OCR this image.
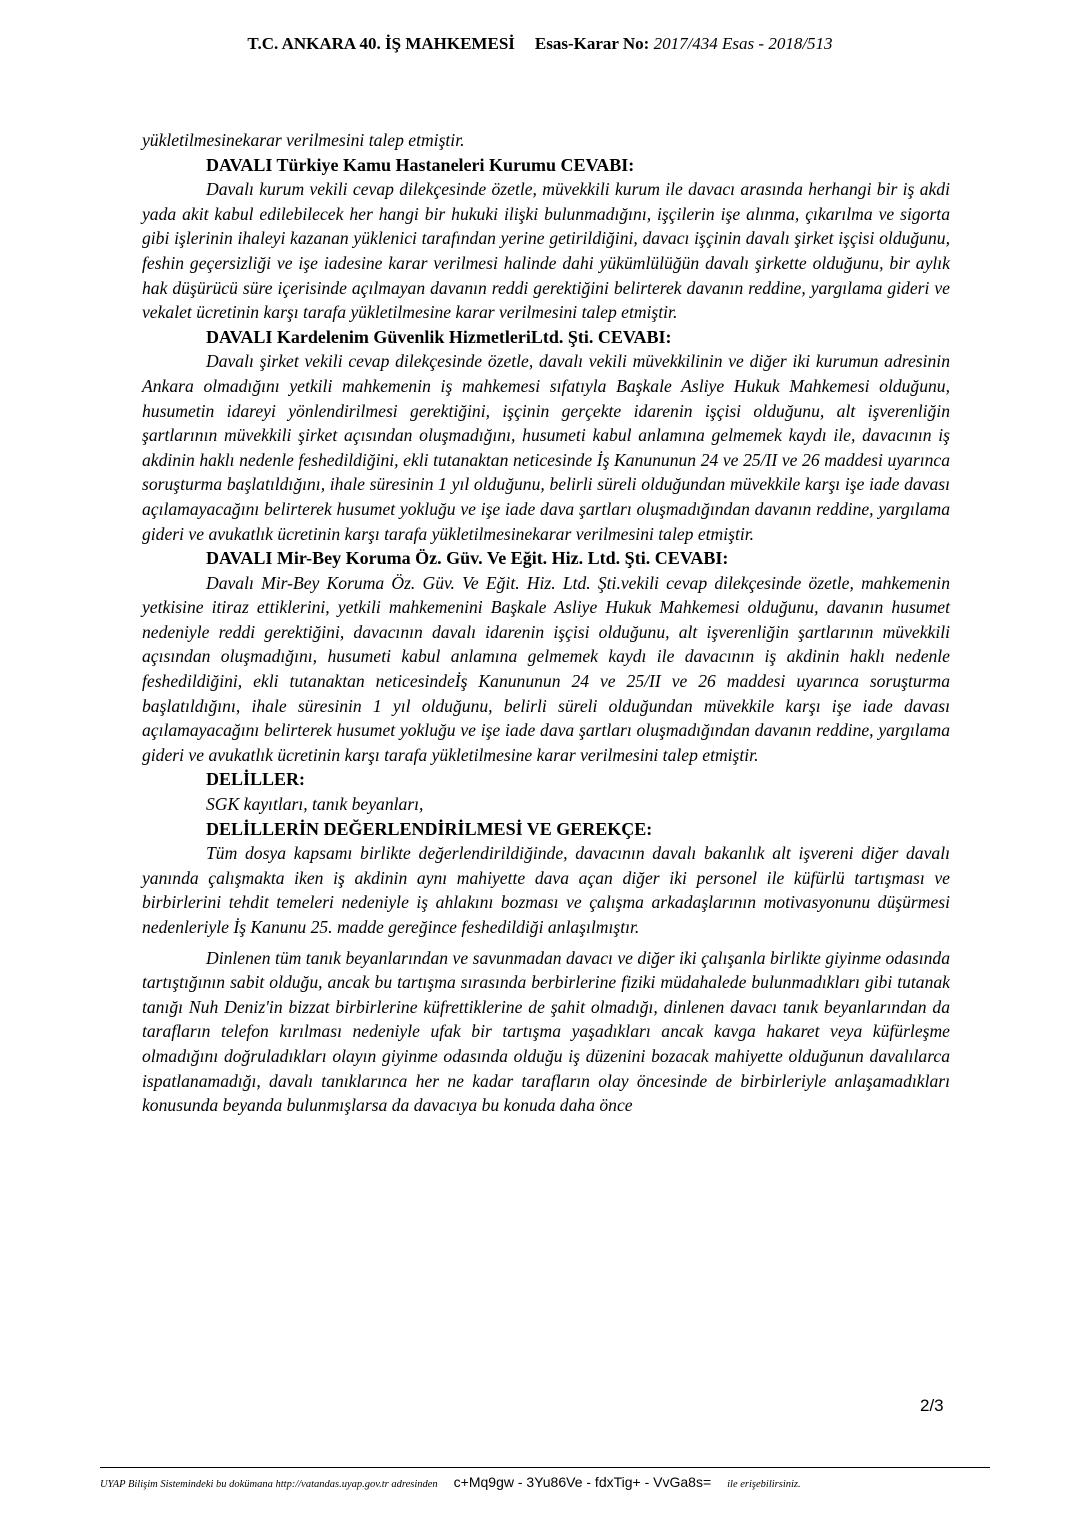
T.C. ANKARA 40. İŞ MAHKEMESİ Esas-Karar No: 2017/434 Esas - 2018/513

yükletilmesinekarar verilmesini talep etmiştir.

DAVALI Türkiye Kamu Hastaneleri Kurumu CEVABI:

Davalı kurum vekili cevap dilekçesinde özetle, müvekkili kurum ile davacı arasında herhangi bir iş akdi yada akit kabul edilebilecek her hangi bir hukuki ilişki bulunmadığını, işçilerin işe alınma, çıkarılma ve sigorta gibi işlerinin ihaleyi kazanan yüklenici tarafından yerine getirildiğini, davacı işçinin davalı şirket işçisi olduğunu, feshin geçersizliği ve işe iadesine karar verilmesi halinde dahi yükümlülüğün davalı şirkette olduğunu, bir aylık hak düşürücü süre içerisinde açılmayan davanın reddi gerektiğini belirterek davanın reddine, yargılama gideri ve vekalet ücretinin karşı tarafa yükletilmesine karar verilmesini talep etmiştir.

DAVALI Kardelenim Güvenlik HizmetleriLtd. Şti. CEVABI:

Davalı şirket vekili cevap dilekçesinde özetle, davalı vekili müvekkilinin ve diğer iki kurumun adresinin Ankara olmadığını yetkili mahkemenin iş mahkemesi sıfatıyla Başkale Asliye Hukuk Mahkemesi olduğunu, husumetin idareyi yönlendirilmesi gerektiğini, işçinin gerçekte idarenin işçisi olduğunu, alt işverenliğin şartlarının müvekkili şirket açısından oluşmadığını, husumeti kabul anlamına gelmemek kaydı ile, davacının iş akdinin haklı nedenle feshedildiğini, ekli tutanaktan neticesinde İş Kanununun 24 ve 25/II ve 26 maddesi uyarınca soruşturma başlatıldığını, ihale süresinin 1 yıl olduğunu, belirli süreli olduğundan müvekkile karşı işe iade davası açılamayacağını belirterek husumet yokluğu ve işe iade dava şartları oluşmadığından davanın reddine, yargılama gideri ve avukatlık ücretinin karşı tarafa yükletilmesinekarar verilmesini talep etmiştir.

DAVALI Mir-Bey Koruma Öz. Güv. Ve Eğit. Hiz. Ltd. Şti. CEVABI:

Davalı Mir-Bey Koruma Öz. Güv. Ve Eğit. Hiz. Ltd. Şti.vekili cevap dilekçesinde özetle, mahkemenin yetkisine itiraz ettiklerini, yetkili mahkemenini Başkale Asliye Hukuk Mahkemesi olduğunu, davanın husumet nedeniyle reddi gerektiğini, davacının davalı idarenin işçisi olduğunu, alt işverenliğin şartlarının müvekkili açısından oluşmadığını, husumeti kabul anlamına gelmemek kaydı ile davacının iş akdinin haklı nedenle feshedildiğini, ekli tutanaktan neticesindeİş Kanununun 24 ve 25/II ve 26 maddesi uyarınca soruşturma başlatıldığını, ihale süresinin 1 yıl olduğunu, belirli süreli olduğundan müvekkile karşı işe iade davası açılamayacağını belirterek husumet yokluğu ve işe iade dava şartları oluşmadığından davanın reddine, yargılama gideri ve avukatlık ücretinin karşı tarafa yükletilmesine karar verilmesini talep etmiştir.

DELİLLER:

SGK kayıtları, tanık beyanları,

DELİLLERİN DEĞERLENDİRİLMESİ VE GEREKÇE:

Tüm dosya kapsamı birlikte değerlendirildiğinde, davacının davalı bakanlık alt işvereni diğer davalı yanında çalışmakta iken iş akdinin aynı mahiyette dava açan diğer iki personel ile küfürlü tartışması ve birbirlerini tehdit temeleri nedeniyle iş ahlakını bozması ve çalışma arkadaşlarının motivasyonunu düşürmesi nedenleriyle İş Kanunu 25. madde gereğince feshedildiği anlaşılmıştır.

Dinlenen tüm tanık beyanlarından ve savunmadan davacı ve diğer iki çalışanla birlikte giyinme odasında tartıştığının sabit olduğu, ancak bu tartışma sırasında berbirlerine fiziki müdahalede bulunmadıkları gibi tutanak tanığı Nuh Deniz'in bizzat birbirlerine küfrettiklerine de şahit olmadığı, dinlenen davacı tanık beyanlarından da tarafların telefon kırılması nedeniyle ufak bir tartışma yaşadıkları ancak kavga hakaret veya küfürleşme olmadığını doğruladıkları olayın giyinme odasında olduğu iş düzenini bozacak mahiyette olduğunun davalılarca ispatlanamadığı, davalı tanıklarınca her ne kadar tarafların olay öncesinde de birbirleriyle anlaşamadıkları konusunda beyanda bulunmışlarsa da davacıya bu konuda daha önce

2/3
UYAP Bilişim Sistemindeki bu dokümana http://vatandas.uyap.gov.tr adresinden c+Mq9gw - 3Yu86Ve - fdxTig+ - VvGa8s= ile erişebilirsiniz.
